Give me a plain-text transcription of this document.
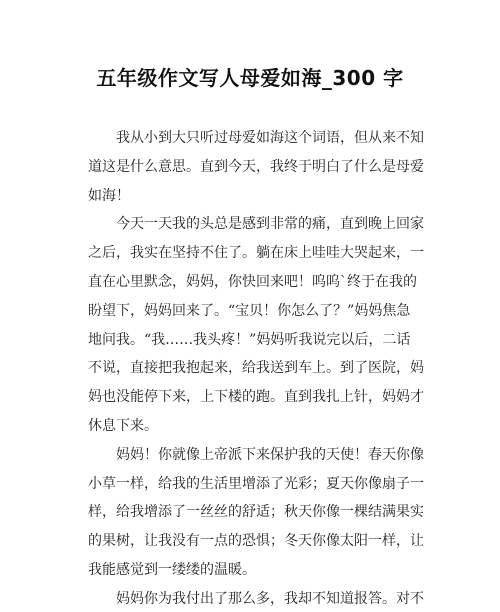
五年级作文写人母爱如海_300 字
我从小到大只听过母爱如海这个词语，但从来不知
道这是什么意思。直到今天，我终于明白了什么是母爱
如海！
今天一天我的头总是感到非常的痛，直到晚上回家
之后，我实在坚持不住了。躺在床上哇哇大哭起来，一
直在心里默念，妈妈，你快回来吧！呜呜`终于在我的
盼望下，妈妈回来了。“宝贝！你怎么了？”妈妈焦急
地问我。“我……我头疼！”妈妈听我说完以后，二话
不说，直接把我抱起来，给我送到车上。到了医院，妈
妈也没能停下来，上下楼的跑。直到我扎上针，妈妈才
休息下来。
妈妈！你就像上帝派下来保护我的天使！春天你像
小草一样，给我的生活里增添了光彩；夏天你像扇子一
样，给我增添了一丝丝的舒适；秋天你像一棵结满果实
的果树，让我没有一点的恐惧；冬天你像太阳一样，让
我能感觉到一缕缕的温暖。
妈妈你为我付出了那么多，我却不知道报答。对不
